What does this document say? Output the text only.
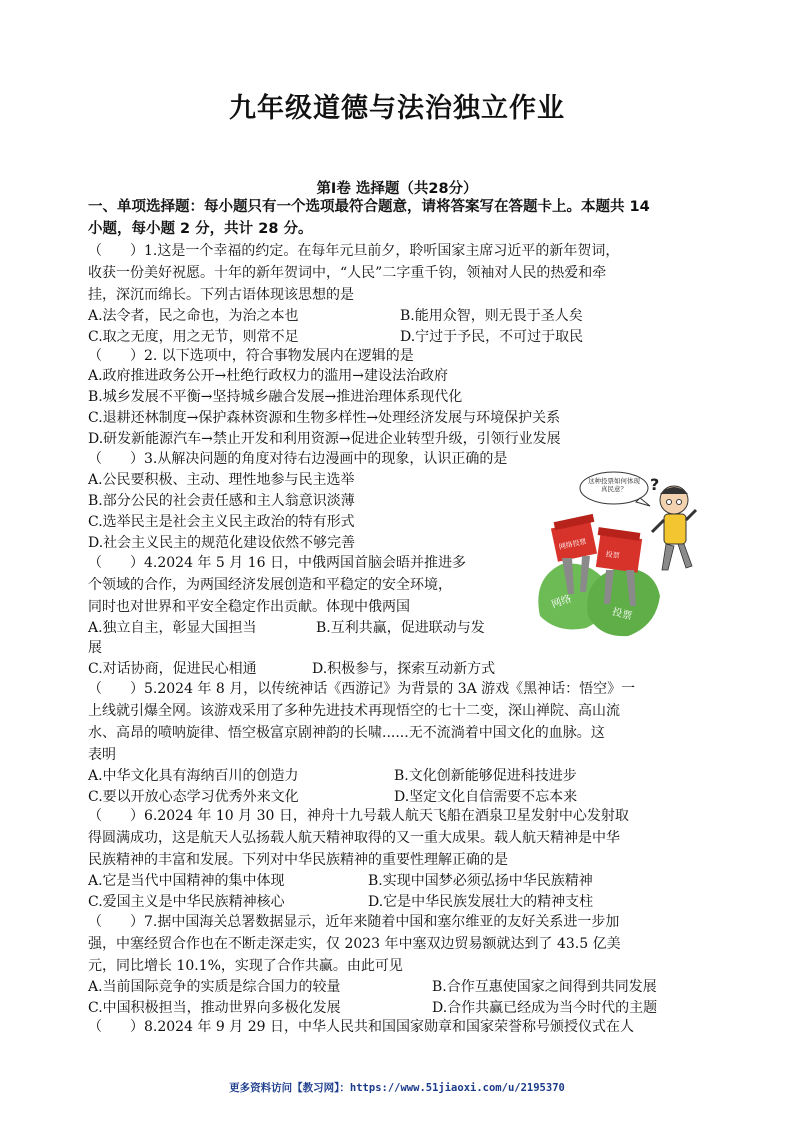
九年级道德与法治独立作业
第Ⅰ卷 选择题（共28分）
一、单项选择题：每小题只有一个选项最符合题意，请将答案写在答题卡上。本题共 14
小题，每小题 2 分，共计 28 分。
（　　）1.这是一个幸福的约定。在每年元旦前夕，聆听国家主席习近平的新年贺词，
收获一份美好祝愿。十年的新年贺词中，“人民”二字重千钧，领袖对人民的热爱和牵
挂，深沉而绵长。下列古语体现该思想的是
A.法令者，民之命也，为治之本也	B.能用众智，则无畏于圣人矣
C.取之无度，用之无节，则常不足	D.宁过于予民，不可过于取民
（　　）2. 以下选项中，符合事物发展内在逻辑的是
A.政府推进政务公开→杜绝行政权力的滥用→建设法治政府
B.城乡发展不平衡→坚持城乡融合发展→推进治理体系现代化
C.退耕还林制度→保护森林资源和生物多样性→处理经济发展与环境保护关系
D.研发新能源汽车→禁止开发和利用资源→促进企业转型升级，引领行业发展
（　　）3.从解决问题的角度对待右边漫画中的现象，认识正确的是
A.公民要积极、主动、理性地参与民主选举
B.部分公民的社会责任感和主人翁意识淡薄
C.选举民主是社会主义民主政治的特有形式
D.社会主义民主的规范化建设依然不够完善
网络
投票
网络投票
投票
这种投票如何体现真民意？	?
（　　）4.2024 年 5 月 16 日，中俄两国首脑会晤并推进多
个领域的合作，为两国经济发展创造和平稳定的安全环境，
同时也对世界和平安全稳定作出贡献。体现中俄两国
A.独立自主，彰显大国担当	B.互利共赢，促进联动与发
展
C.对话协商，促进民心相通	D.积极参与，探索互动新方式
（　　）5.2024 年 8 月，以传统神话《西游记》为背景的 3A 游戏《黑神话：悟空》一
上线就引爆全网。该游戏采用了多种先进技术再现悟空的七十二变，深山禅院、高山流
水、高昂的喷呐旋律、悟空极富京剧神韵的长啸......无不流淌着中国文化的血脉。这
表明
A.中华文化具有海纳百川的创造力	B.文化创新能够促进科技进步
C.要以开放心态学习优秀外来文化	D.坚定文化自信需要不忘本来
（　　）6.2024 年 10 月 30 日，神舟十九号载人航天飞船在酒泉卫星发射中心发射取
得圆满成功，这是航天人弘扬载人航天精神取得的又一重大成果。载人航天精神是中华
民族精神的丰富和发展。下列对中华民族精神的重要性理解正确的是
A.它是当代中国精神的集中体现	B.实现中国梦必须弘扬中华民族精神
C.爱国主义是中华民族精神核心	D.它是中华民族发展壮大的精神支柱
（　　）7.据中国海关总署数据显示，近年来随着中国和塞尔维亚的友好关系进一步加
强，中塞经贸合作也在不断走深走实，仅 2023 年中塞双边贸易额就达到了 43.5 亿美
元，同比增长 10.1%，实现了合作共赢。由此可见
A.当前国际竞争的实质是综合国力的较量	B.合作互惠使国家之间得到共同发展
C.中国积极担当，推动世界向多极化发展	D.合作共赢已经成为当今时代的主题
（　　）8.2024 年 9 月 29 日，中华人民共和国国家勋章和国家荣誉称号颁授仪式在人
更多资料访问【教习网】：https://www.51jiaoxi.com/u/2195370
